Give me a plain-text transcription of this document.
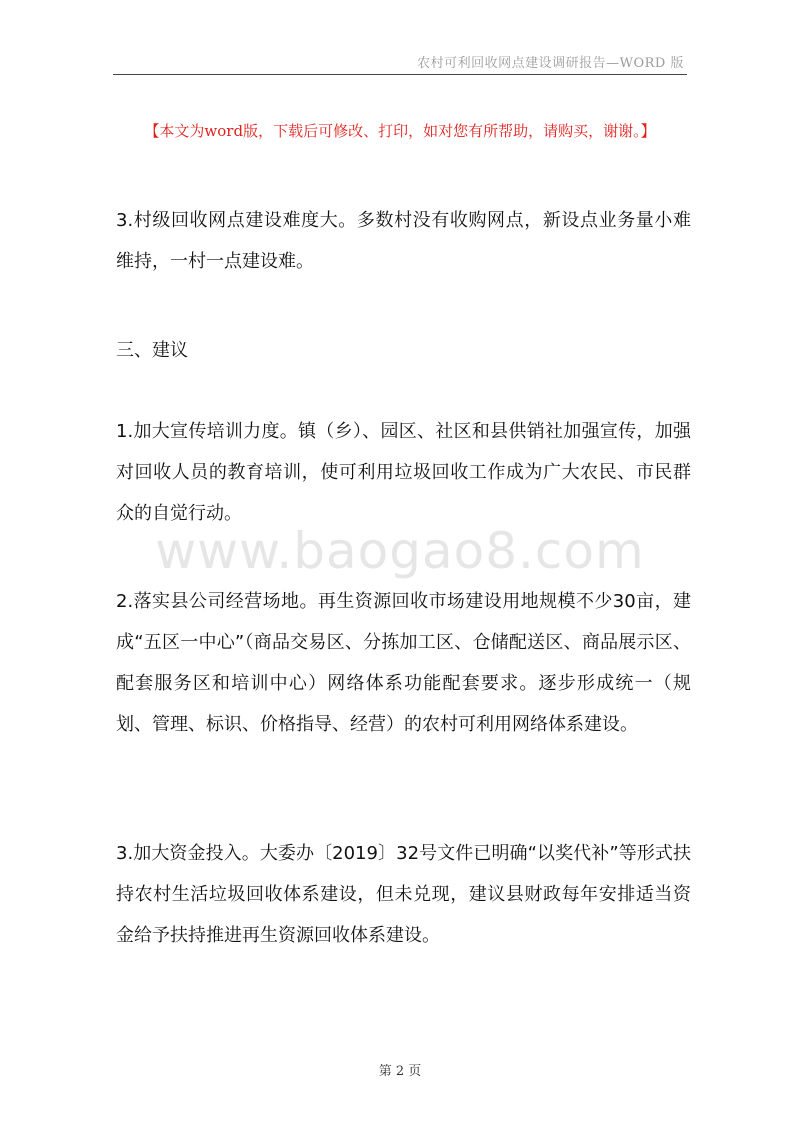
农村可利回收网点建设调研报告—WORD 版
【本文为word版，下载后可修改、打印，如对您有所帮助，请购买，谢谢。】
3.村级回收网点建设难度大。多数村没有收购网点，新设点业务量小难维持，一村一点建设难。
三、建议
1.加大宣传培训力度。镇（乡）、园区、社区和县供销社加强宣传，加强对回收人员的教育培训，使可利用垃圾回收工作成为广大农民、市民群众的自觉行动。
www.baogao8.com
2.落实县公司经营场地。再生资源回收市场建设用地规模不少30亩，建成“五区一中心”（商品交易区、分拣加工区、仓储配送区、商品展示区、配套服务区和培训中心）网络体系功能配套要求。逐步形成统一（规划、管理、标识、价格指导、经营）的农村可利用网络体系建设。
3.加大资金投入。大委办〔2019〕32号文件已明确“以奖代补”等形式扶持农村生活垃圾回收体系建设，但未兑现，建议县财政每年安排适当资金给予扶持推进再生资源回收体系建设。
第 2 页
